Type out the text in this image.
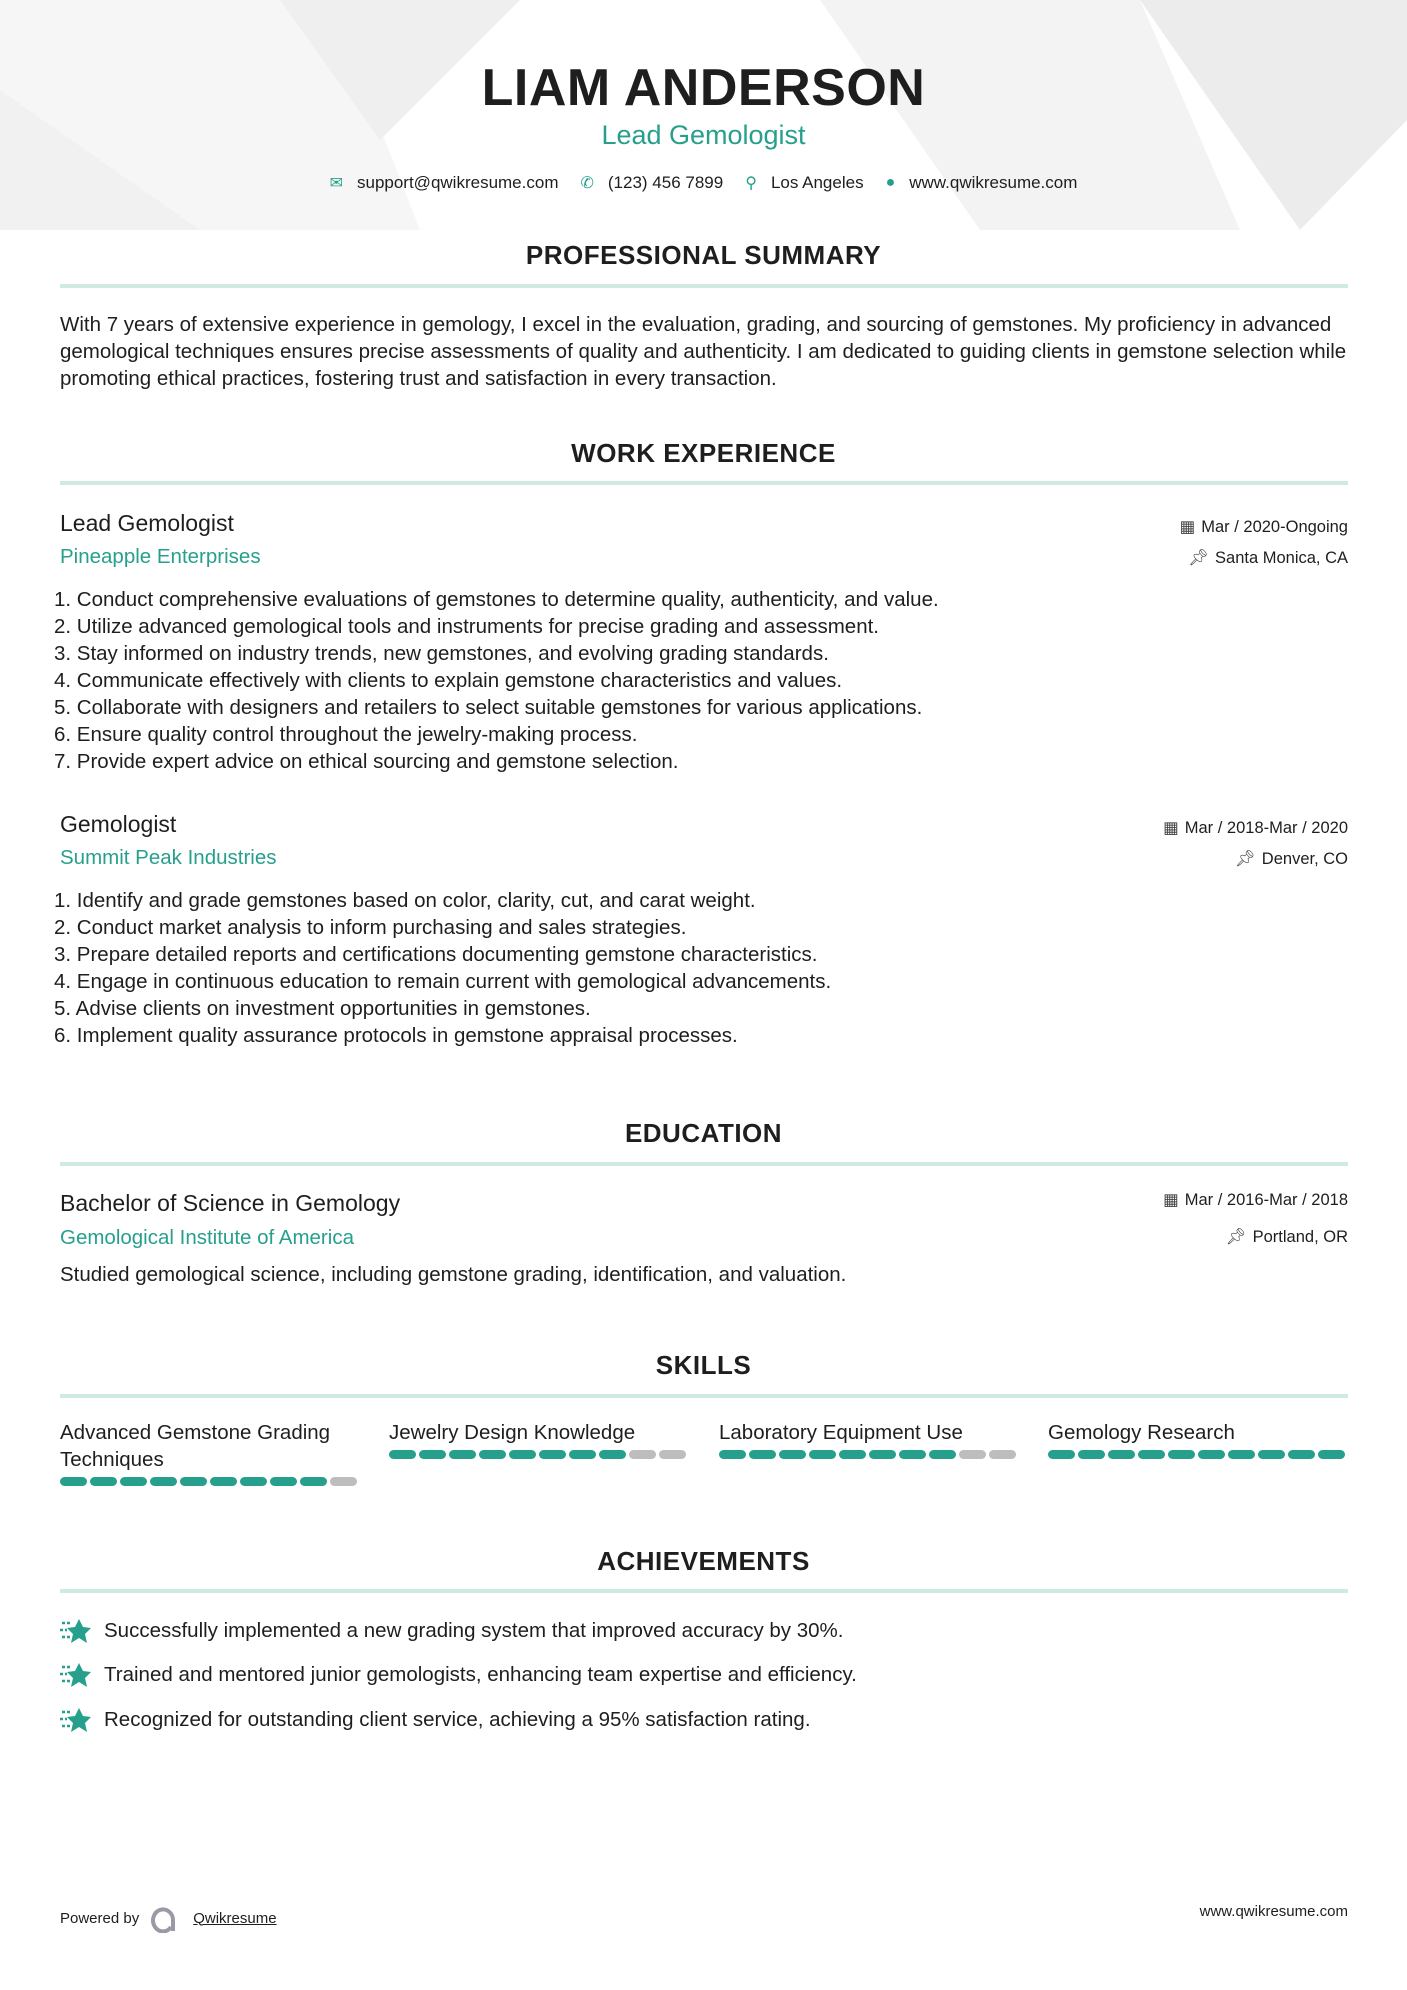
LIAM ANDERSON
Lead Gemologist
✉ support@qwikresume.com ✆ (123) 456 7899 ⚲ Los Angeles ● www.qwikresume.com
PROFESSIONAL SUMMARY
With 7 years of extensive experience in gemology, I excel in the evaluation, grading, and sourcing of gemstones. My proficiency in advanced gemological techniques ensures precise assessments of quality and authenticity. I am dedicated to guiding clients in gemstone selection while promoting ethical practices, fostering trust and satisfaction in every transaction.
WORK EXPERIENCE
Lead Gemologist
Pineapple Enterprises
▦ Mar / 2020-Ongoing
📌︎ Santa Monica, CA
1. Conduct comprehensive evaluations of gemstones to determine quality, authenticity, and value.
2. Utilize advanced gemological tools and instruments for precise grading and assessment.
3. Stay informed on industry trends, new gemstones, and evolving grading standards.
4. Communicate effectively with clients to explain gemstone characteristics and values.
5. Collaborate with designers and retailers to select suitable gemstones for various applications.
6. Ensure quality control throughout the jewelry-making process.
7. Provide expert advice on ethical sourcing and gemstone selection.
Gemologist
Summit Peak Industries
▦ Mar / 2018-Mar / 2020
📌︎ Denver, CO
1. Identify and grade gemstones based on color, clarity, cut, and carat weight.
2. Conduct market analysis to inform purchasing and sales strategies.
3. Prepare detailed reports and certifications documenting gemstone characteristics.
4. Engage in continuous education to remain current with gemological advancements.
5. Advise clients on investment opportunities in gemstones.
6. Implement quality assurance protocols in gemstone appraisal processes.
EDUCATION
Bachelor of Science in Gemology
Gemological Institute of America
▦ Mar / 2016-Mar / 2018
📌︎ Portland, OR
Studied gemological science, including gemstone grading, identification, and valuation.
SKILLS
Advanced Gemstone Grading Techniques
Jewelry Design Knowledge	Laboratory Equipment Use	Gemology Research
ACHIEVEMENTS
Successfully implemented a new grading system that improved accuracy by 30%.
Trained and mentored junior gemologists, enhancing team expertise and efficiency.
Recognized for outstanding client service, achieving a 95% satisfaction rating.
Powered by	Qwikresume	www.qwikresume.com
